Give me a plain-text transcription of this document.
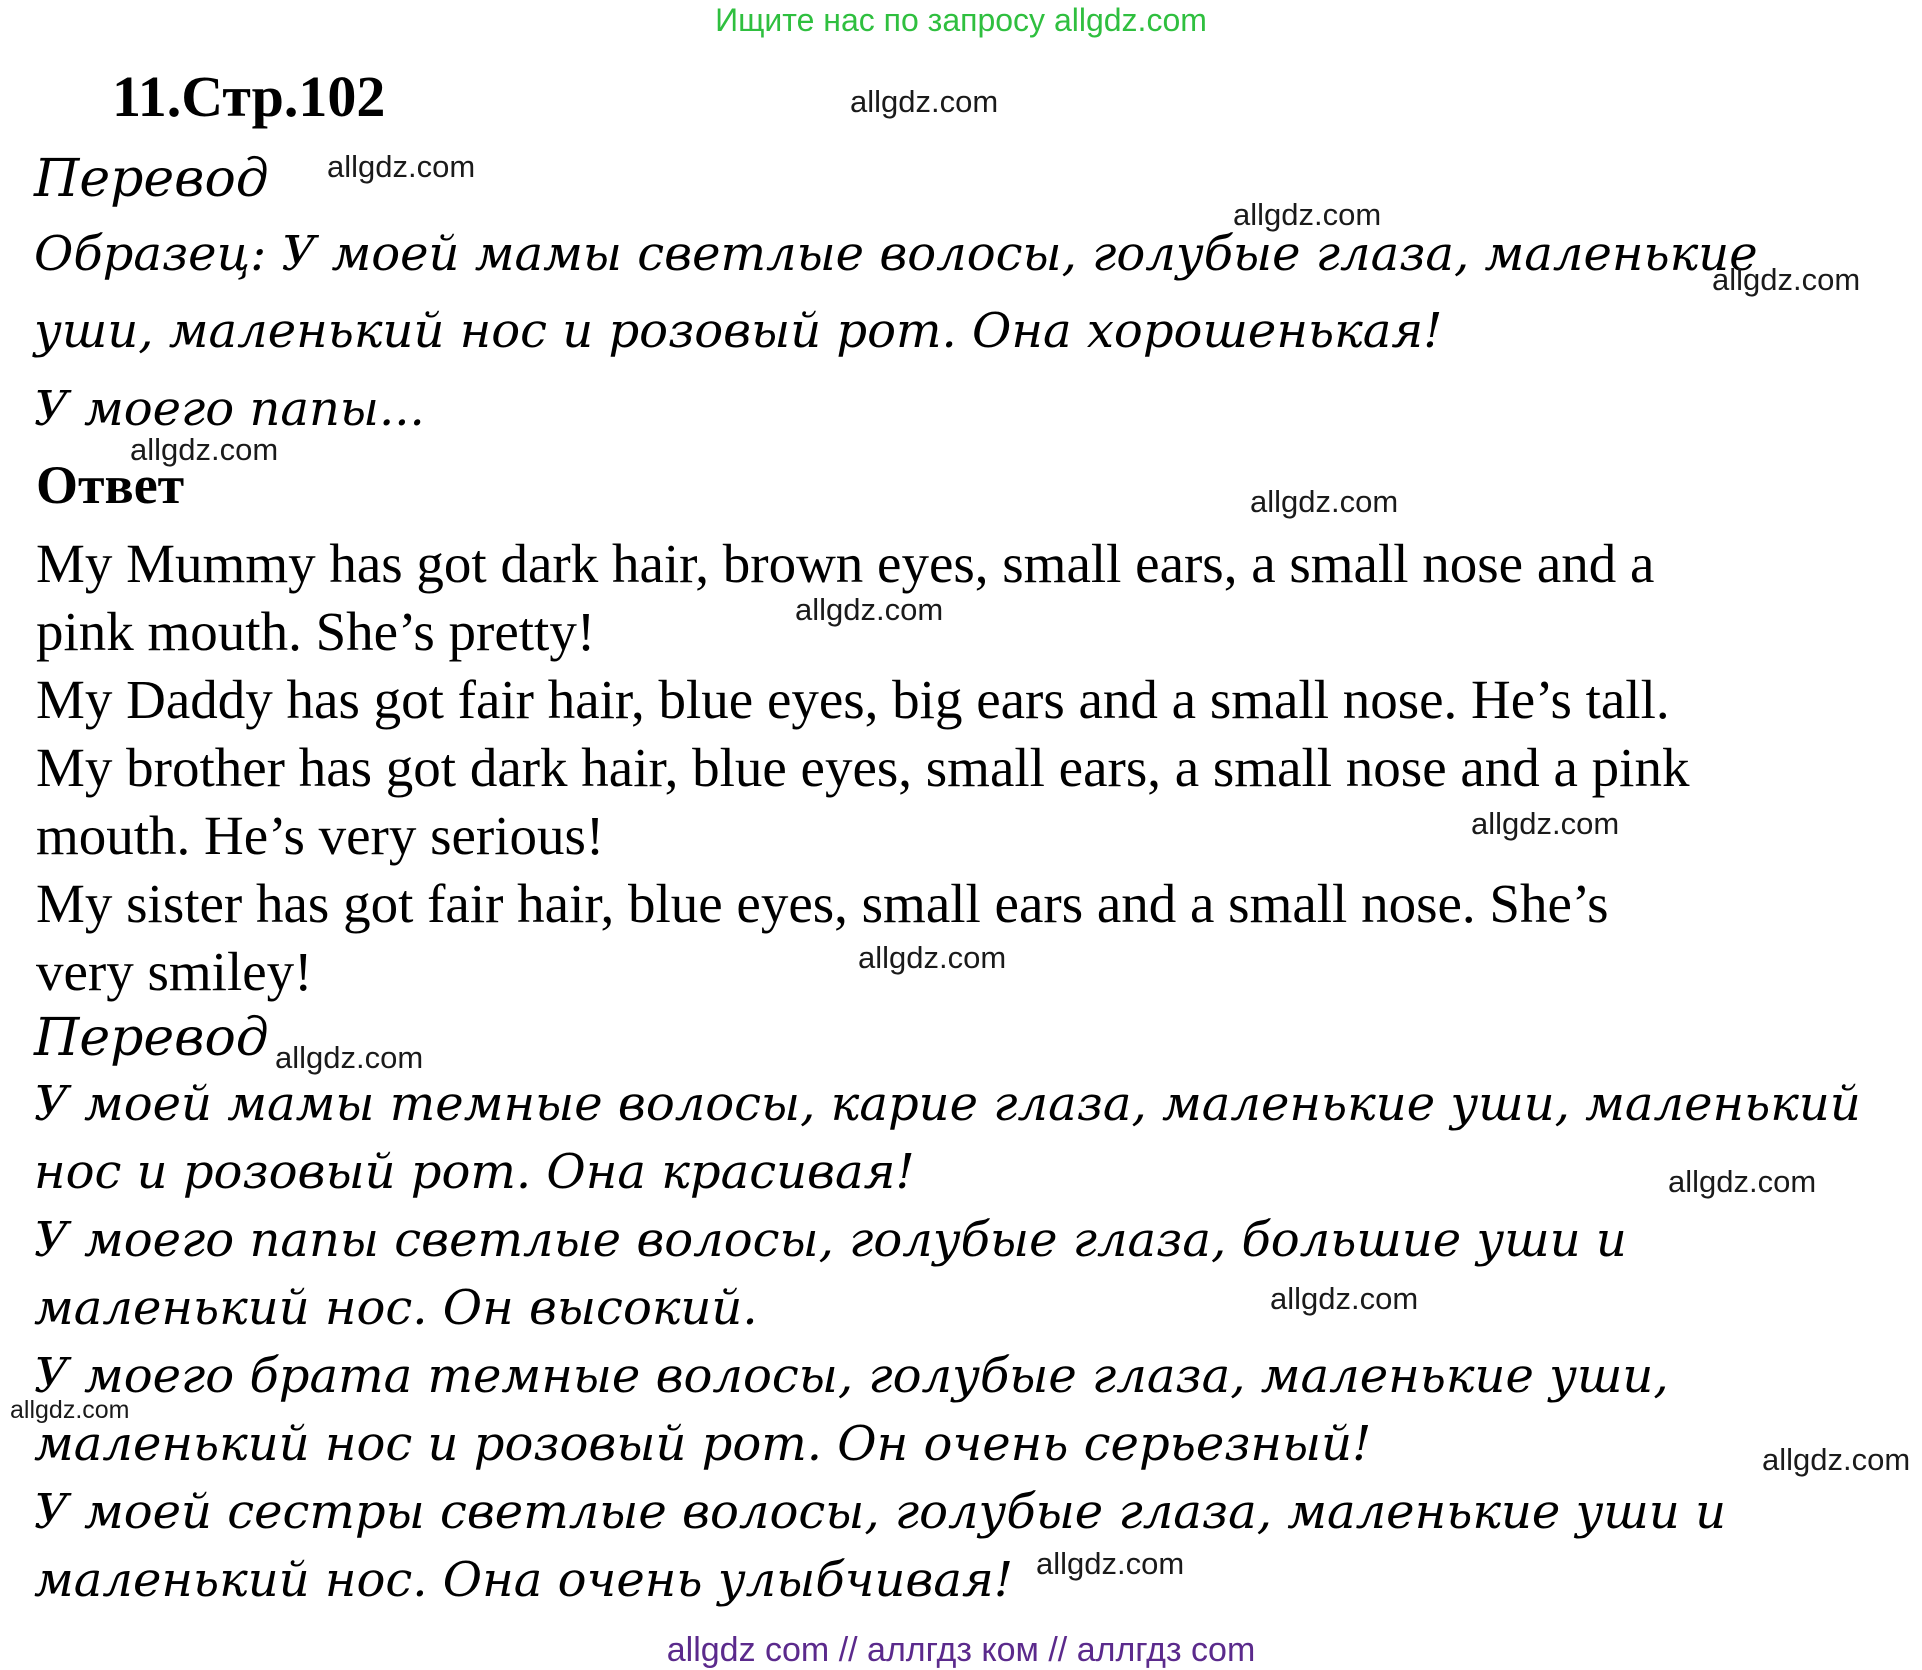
Ищите нас по запросу allgdz.com
11.Стр.102
Перевод
Образец: У моей мамы светлые волосы, голубые глаза, маленькие
уши, маленький нос и розовый рот. Она хорошенькая!
У моего папы...
Ответ
My Mummy has got dark hair, brown eyes, small ears, a small nose and a
pink mouth. She’s pretty!
My Daddy has got fair hair, blue eyes, big ears and a small nose. He’s tall.
My brother has got dark hair, blue eyes, small ears, a small nose and a pink
mouth. He’s very serious!
My sister has got fair hair, blue eyes, small ears and a small nose. She’s
very smiley!
Перевод
У моей мамы темные волосы, карие глаза, маленькие уши, маленький
нос и розовый рот. Она красивая!
У моего папы светлые волосы, голубые глаза, большие уши и
маленький нос. Он высокий.
У моего брата темные волосы, голубые глаза, маленькие уши,
маленький нос и розовый рот. Он очень серьезный!
У моей сестры светлые волосы, голубые глаза, маленькие уши и
маленький нос. Она очень улыбчивая!
allgdz.com
allgdz.com
allgdz.com
allgdz.com
allgdz.com
allgdz.com
allgdz.com
allgdz.com
allgdz.com
allgdz.com
allgdz.com
allgdz.com
allgdz.com
allgdz.com
allgdz.com
allgdz com // аллгдз ком // аллгдз com
